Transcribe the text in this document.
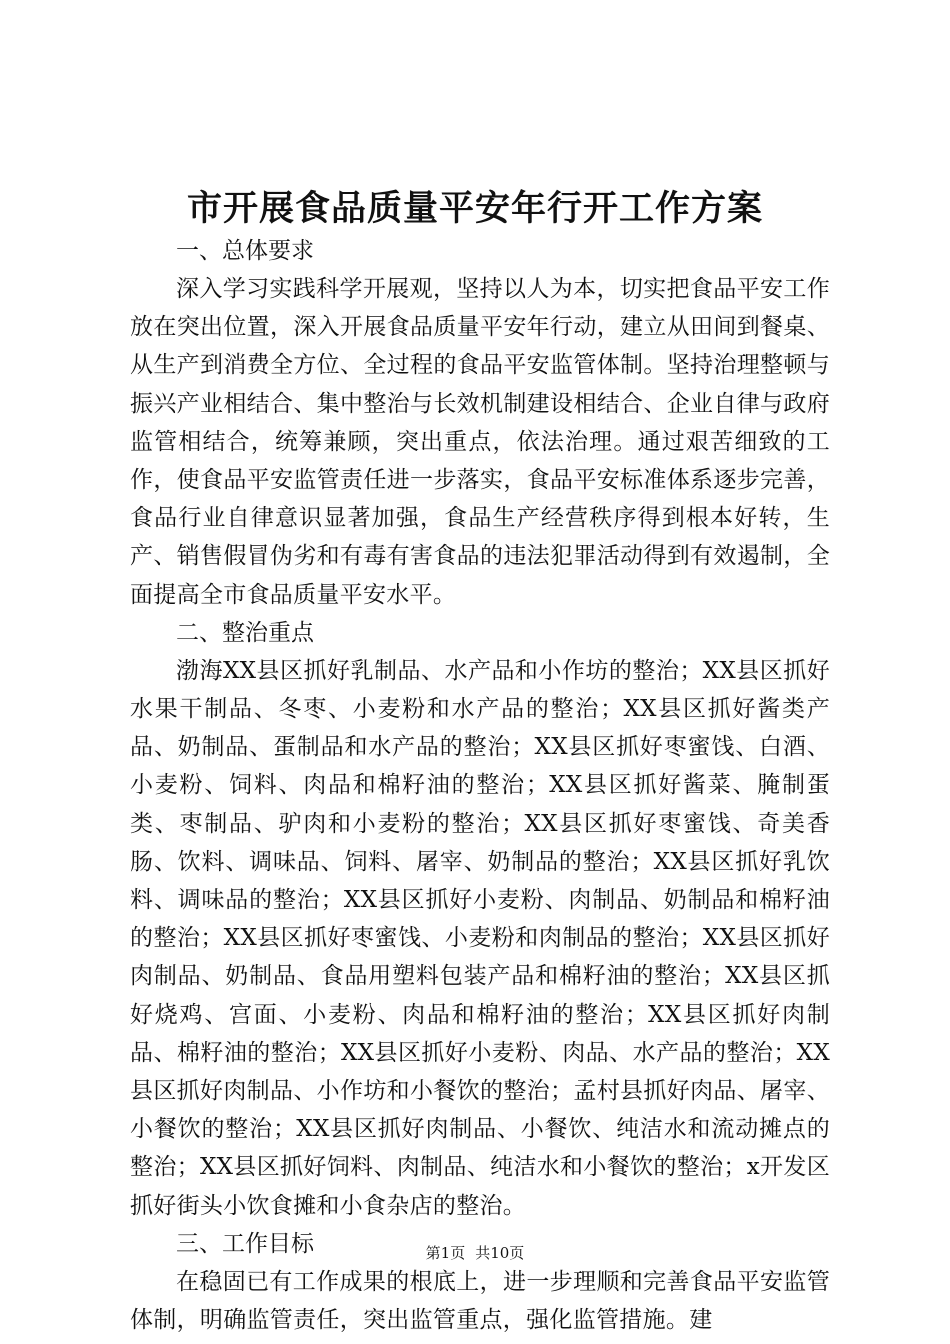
市开展食品质量平安年行开工作方案

一、总体要求

深入学习实践科学开展观，坚持以人为本，切实把食品平安工作放在突出位置，深入开展食品质量平安年行动，建立从田间到餐桌、从生产到消费全方位、全过程的食品平安监管体制。坚持治理整顿与振兴产业相结合、集中整治与长效机制建设相结合、企业自律与政府监管相结合，统筹兼顾，突出重点，依法治理。通过艰苦细致的工作，使食品平安监管责任进一步落实，食品平安标准体系逐步完善，食品行业自律意识显著加强，食品生产经营秩序得到根本好转，生产、销售假冒伪劣和有毒有害食品的违法犯罪活动得到有效遏制，全面提高全市食品质量平安水平。

二、整治重点

渤海XX县区抓好乳制品、水产品和小作坊的整治；XX县区抓好水果干制品、冬枣、小麦粉和水产品的整治；XX县区抓好酱类产品、奶制品、蛋制品和水产品的整治；XX县区抓好枣蜜饯、白酒、小麦粉、饲料、肉品和棉籽油的整治；XX县区抓好酱菜、腌制蛋类、枣制品、驴肉和小麦粉的整治；XX县区抓好枣蜜饯、奇美香肠、饮料、调味品、饲料、屠宰、奶制品的整治；XX县区抓好乳饮料、调味品的整治；XX县区抓好小麦粉、肉制品、奶制品和棉籽油的整治；XX县区抓好枣蜜饯、小麦粉和肉制品的整治；XX县区抓好肉制品、奶制品、食品用塑料包装产品和棉籽油的整治；XX县区抓好烧鸡、宫面、小麦粉、肉品和棉籽油的整治；XX县区抓好肉制品、棉籽油的整治；XX县区抓好小麦粉、肉品、水产品的整治；XX县区抓好肉制品、小作坊和小餐饮的整治；孟村县抓好肉品、屠宰、小餐饮的整治；XX县区抓好肉制品、小餐饮、纯洁水和流动摊点的整治；XX县区抓好饲料、肉制品、纯洁水和小餐饮的整治；x开发区抓好街头小饮食摊和小食杂店的整治。

三、工作目标

在稳固已有工作成果的根底上，进一步理顺和完善食品平安监管体制，明确监管责任，突出监管重点，强化监管措施。建

第1页 共10页
